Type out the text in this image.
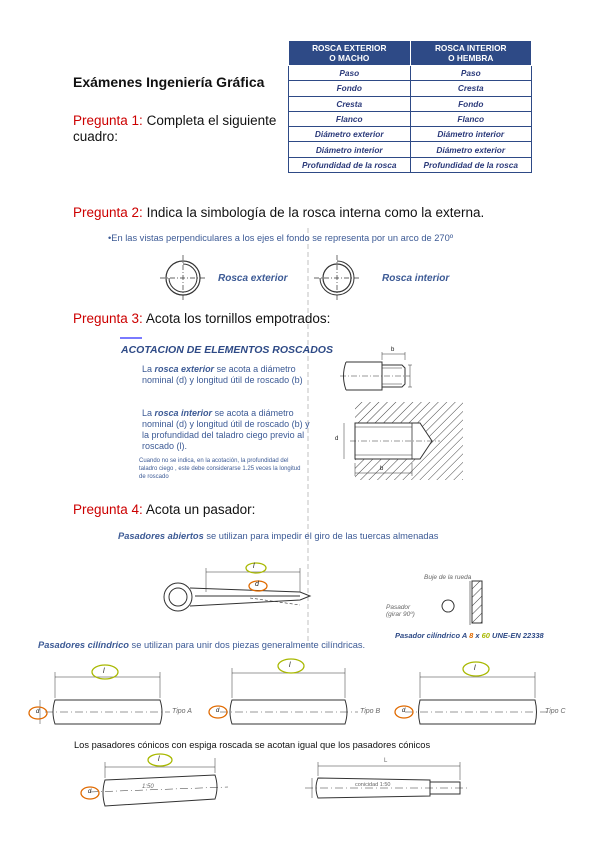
Exámenes Ingeniería Gráfica
Pregunta 1: Completa el siguiente
cuadro:
ROSCA EXTERIOR
O MACHO	ROSCA INTERIOR
O HEMBRA
Paso	Paso
Fondo	Cresta
Cresta	Fondo
Flanco	Flanco
Diámetro exterior	Diámetro interior
Diámetro interior	Diámetro exterior
Profundidad de la rosca	Profundidad de la rosca
Pregunta 2: Indica la simbología de la rosca interna como la externa.
•En las vistas perpendiculares a los ejes el fondo se representa por un arco de 270º
Rosca exterior	Rosca interior
Pregunta 3: Acota los tornillos empotrados:
ACOTACION DE ELEMENTOS ROSCADOS
La rosca exterior se acota a diámetro
nominal (d) y longitud útil de roscado (b)
La rosca interior se acota a diámetro
nominal (d) y longitud útil de roscado (b) y
la profundidad del taladro ciego previo al
roscado (l).
Cuando no se indica, en la acotación, la profundidad del
taladro ciego , este debe considerarse 1.25 veces la longitud
de roscado
b
d
b
Pregunta 4: Acota un pasador:
Pasadores abiertos se utilizan para impedir el giro de las tuercas almenadas
l
d
Buje de la rueda
Pasador
(girar 90º)
Pasador cilíndrico A 8 x 60 UNE-EN 22338
Pasadores cilíndrico se utilizan para unir dos piezas generalmente cilíndricas.
l
l	l
d	d	d
Tipo A	Tipo B	Tipo C
Los pasadores cónicos con espiga roscada se acotan igual que los pasadores cónicos
l
d
1:50	conicidad 1:50
L
